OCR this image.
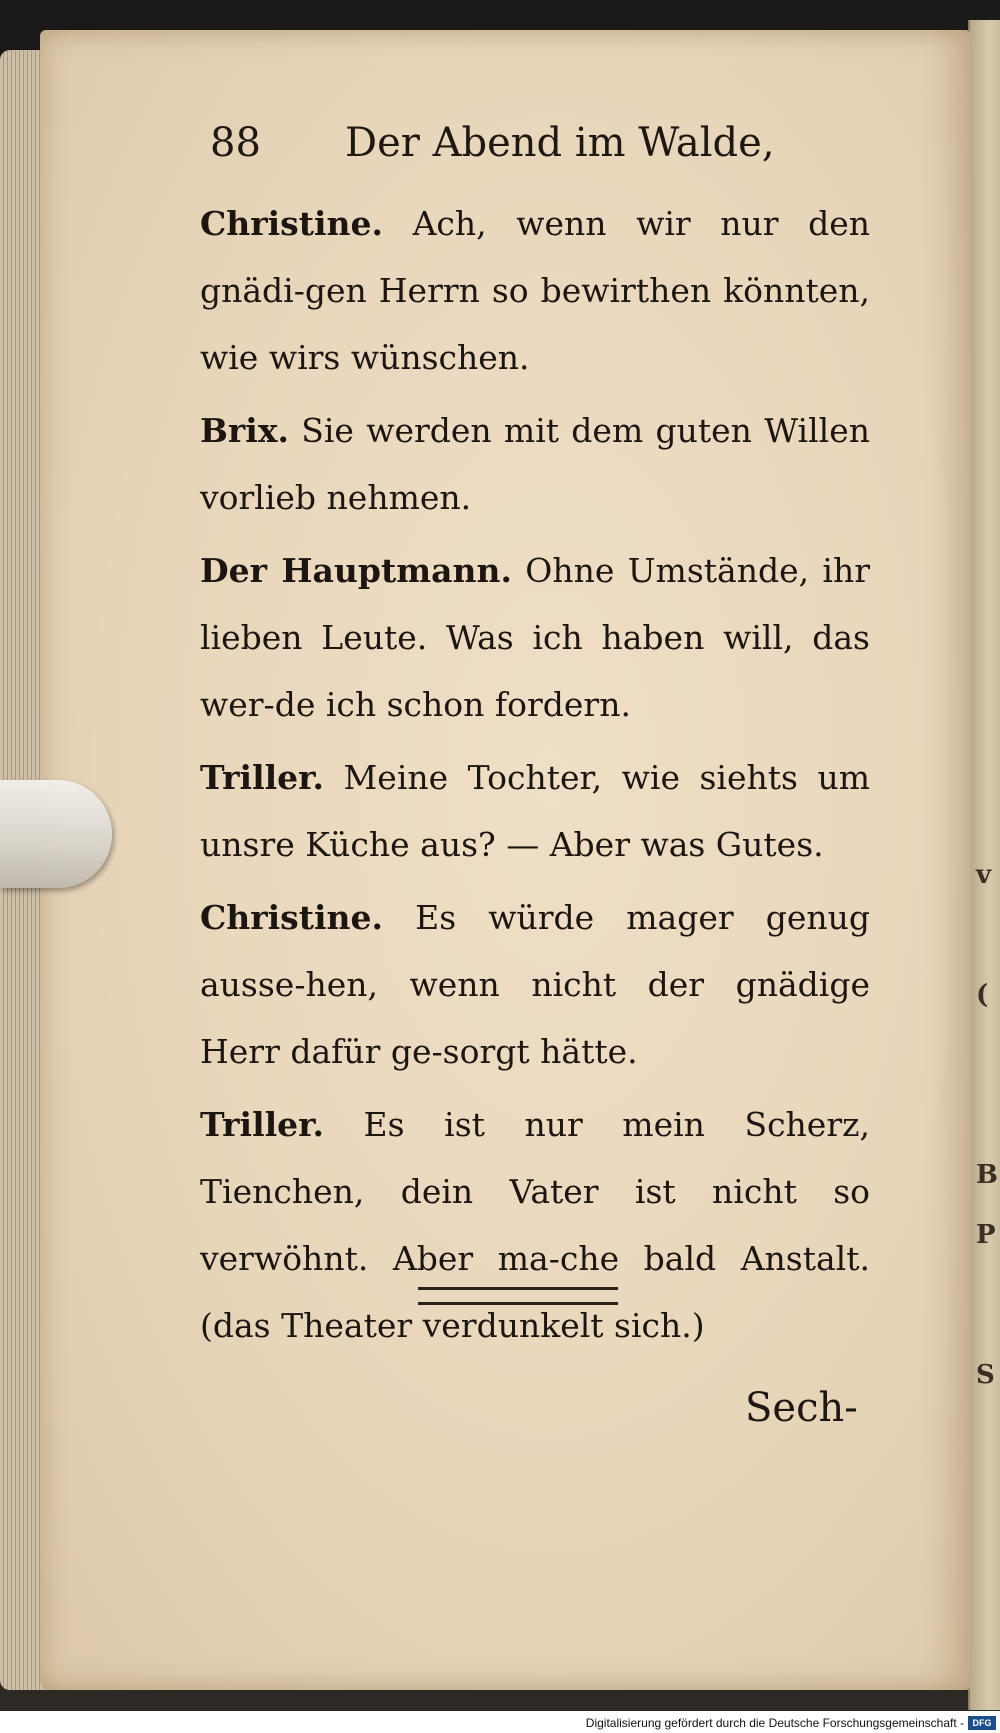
v
(
B
P
S
88 Der Abend im Walde,

Christine. Ach, wenn wir nur den gnädi-gen Herrn so bewirthen könnten, wie wirs wünschen.

Brix. Sie werden mit dem guten Willen vorlieb nehmen.

Der Hauptmann. Ohne Umstände, ihr lieben Leute. Was ich haben will, das wer-de ich schon fordern.

Triller. Meine Tochter, wie siehts um unsre Küche aus? — Aber was Gutes.

Christine. Es würde mager genug ausse-hen, wenn nicht der gnädige Herr dafür ge-sorgt hätte.

Triller. Es ist nur mein Scherz, Tienchen, dein Vater ist nicht so verwöhnt. Aber ma-che bald Anstalt. (das Theater verdunkelt sich.)

Sech-
Digitalisierung gefördert durch die Deutsche Forschungsgemeinschaft - DFG
